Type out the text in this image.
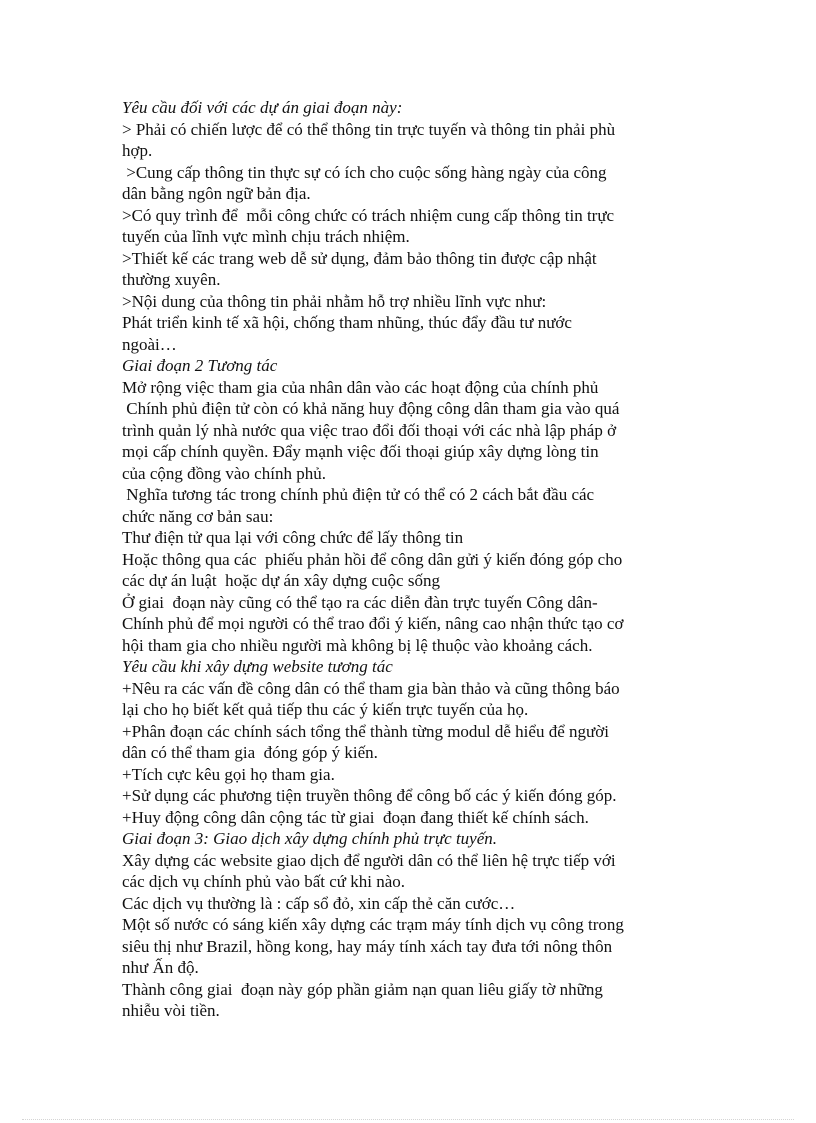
Yêu cầu đối với các dự án giai đoạn này:
> Phải có chiến lược để có thể thông tin trực tuyến và thông tin phải phù
hợp.
>Cung cấp thông tin thực sự có ích cho cuộc sống hàng ngày của công
dân bằng ngôn ngữ bản địa.
>Có quy trình để  mỗi công chức có trách nhiệm cung cấp thông tin trực
tuyến của lĩnh vực mình chịu trách nhiệm.
>Thiết kế các trang web dễ sử dụng, đảm bảo thông tin được cập nhật
thường xuyên.
>Nội dung của thông tin phải nhằm hỗ trợ nhiều lĩnh vực như:
Phát triển kinh tế xã hội, chống tham nhũng, thúc đẩy đầu tư nước
ngoài…
Giai đoạn 2 Tương tác
Mở rộng việc tham gia của nhân dân vào các hoạt động của chính phủ
Chính phủ điện tử còn có khả năng huy động công dân tham gia vào quá
trình quản lý nhà nước qua việc trao đổi đối thoại với các nhà lập pháp ở
mọi cấp chính quyền. Đẩy mạnh việc đối thoại giúp xây dựng lòng tin
của cộng đồng vào chính phủ.
Nghĩa tương tác trong chính phủ điện tử có thể có 2 cách bắt đầu các
chức năng cơ bản sau:
Thư điện tử qua lại với công chức để lấy thông tin
Hoặc thông qua các  phiếu phản hồi để công dân gửi ý kiến đóng góp cho
các dự án luật  hoặc dự án xây dựng cuộc sống
Ở giai  đoạn này cũng có thể tạo ra các diễn đàn trực tuyến Công dân-
Chính phủ để mọi người có thể trao đổi ý kiến, nâng cao nhận thức tạo cơ
hội tham gia cho nhiều người mà không bị lệ thuộc vào khoảng cách.
Yêu cầu khi xây dựng website tương tác
+Nêu ra các vấn đề công dân có thể tham gia bàn thảo và cũng thông báo
lại cho họ biết kết quả tiếp thu các ý kiến trực tuyến của họ.
+Phân đoạn các chính sách tổng thể thành từng modul dễ hiểu để người
dân có thể tham gia  đóng góp ý kiến.
+Tích cực kêu gọi họ tham gia.
+Sử dụng các phương tiện truyền thông để công bố các ý kiến đóng góp.
+Huy động công dân cộng tác từ giai  đoạn đang thiết kế chính sách.
Giai đoạn 3: Giao dịch xây dựng chính phủ trực tuyến.
Xây dựng các website giao dịch để người dân có thể liên hệ trực tiếp với
các dịch vụ chính phủ vào bất cứ khi nào.
Các dịch vụ thường là : cấp sổ đỏ, xin cấp thẻ căn cước…
Một số nước có sáng kiến xây dựng các trạm máy tính dịch vụ công trong
siêu thị như Brazil, hồng kong, hay máy tính xách tay đưa tới nông thôn
như Ấn độ.
Thành công giai  đoạn này góp phần giảm nạn quan liêu giấy tờ những
nhiễu vòi tiền.
